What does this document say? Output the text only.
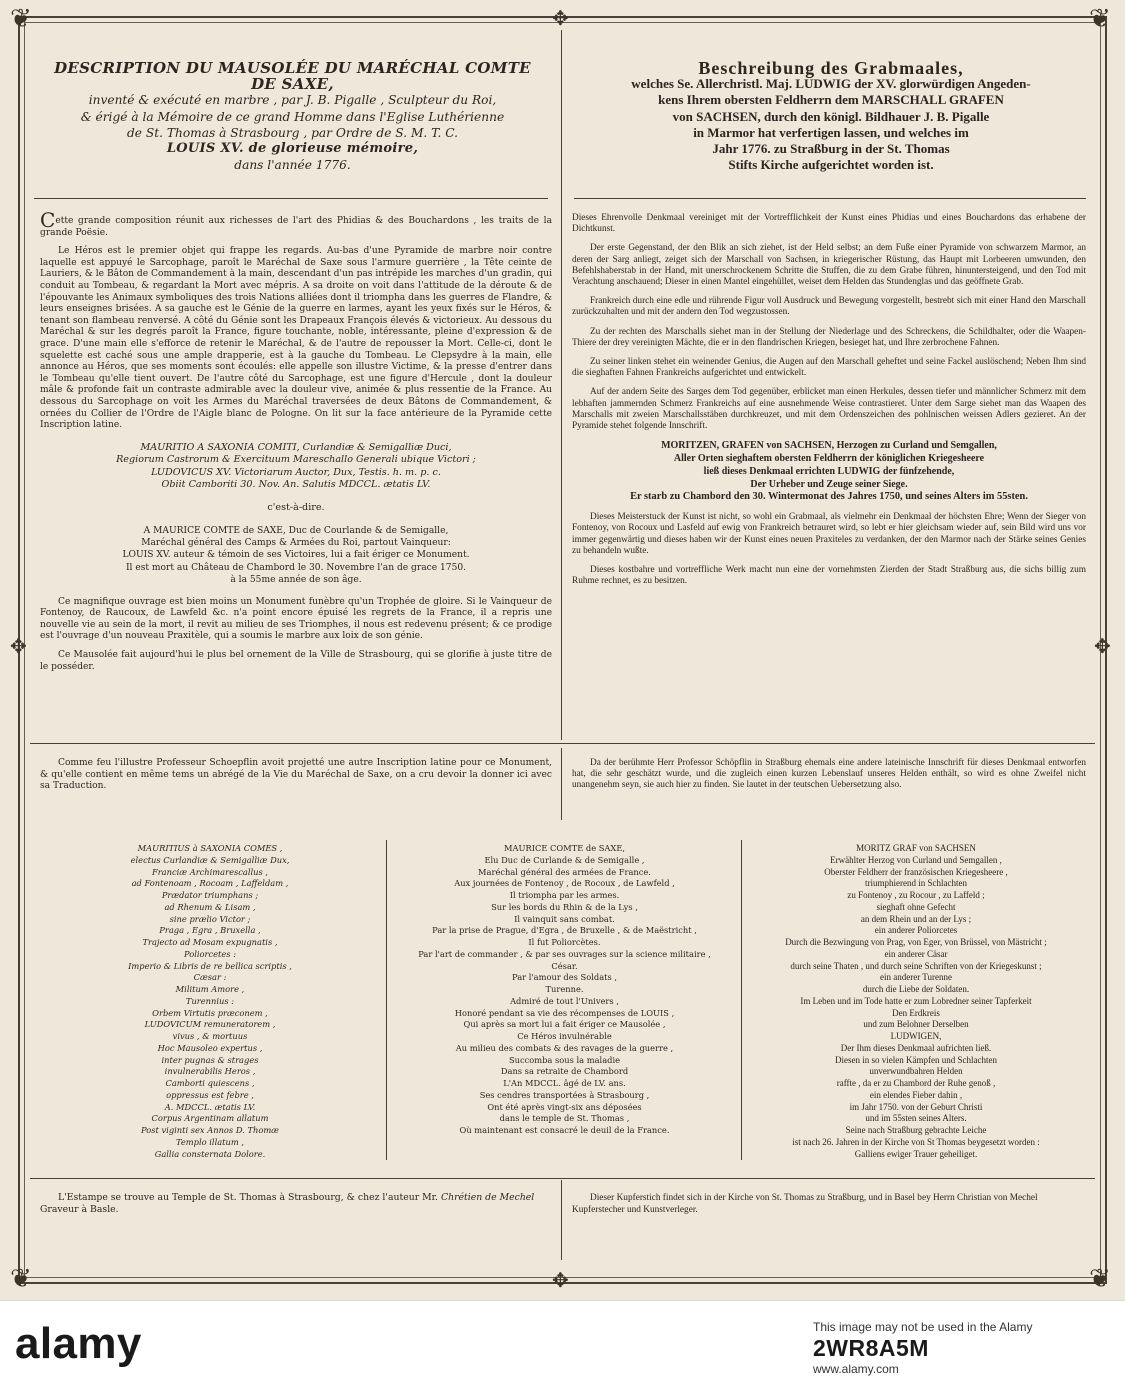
❦	❦
❦	❦
✥
✥
✥	✥
DESCRIPTION DU MAUSOLÉE DU MARÉCHAL COMTE DE SAXE,
inventé & exécuté en marbre , par J. B. Pigalle , Sculpteur du Roi,
& érigé à la Mémoire de ce grand Homme dans l'Eglise Luthérienne
de St. Thomas à Strasbourg , par Ordre de S. M. T. C.
LOUIS XV. de glorieuse mémoire,
dans l'année 1776.
Beschreibung des Grabmaales,
welches Se. Allerchristl. Maj. LUDWIG der XV. glorwürdigen Angeden-
kens Ihrem obersten Feldherrn dem MARSCHALL GRAFEN
von SACHSEN, durch den königl. Bildhauer J. B. Pigalle
in Marmor hat verfertigen lassen, und welches im
Jahr 1776. zu Straßburg in der St. Thomas
Stifts Kirche aufgerichtet worden ist.

Cette grande composition réunit aux richesses de l'art des Phidias & des Bouchardons , les traits de la grande Poësie.

Le Héros est le premier objet qui frappe les regards. Au-bas d'une Pyramide de marbre noir contre laquelle est appuyé le Sarcophage, paroît le Maréchal de Saxe sous l'armure guerrière , la Tête ceinte de Lauriers, & le Bâton de Commandement à la main, descendant d'un pas intrépide les marches d'un gradin, qui conduit au Tombeau, & regardant la Mort avec mépris. A sa droite on voit dans l'attitude de la déroute & de l'épouvante les Animaux symboliques des trois Nations alliées dont il triompha dans les guerres de Flandre, & leurs enseignes brisées. A sa gauche est le Génie de la guerre en larmes, ayant les yeux fixés sur le Héros, & tenant son flambeau renversé. A côté du Génie sont les Drapeaux François élevés & victorieux. Au dessous du Maréchal & sur les degrés paroît la France, figure touchante, noble, intéressante, pleine d'expression & de grace. D'une main elle s'efforce de retenir le Maréchal, & de l'autre de repousser la Mort. Celle-ci, dont le squelette est caché sous une ample drapperie, est à la gauche du Tombeau. Le Clepsydre à la main, elle annonce au Héros, que ses moments sont écoulés: elle appelle son illustre Victime, & la presse d'entrer dans le Tombeau qu'elle tient ouvert. De l'autre côté du Sarcophage, est une figure d'Hercule , dont la douleur mâle & profonde fait un contraste admirable avec la douleur vive, animée & plus ressentie de la France. Au dessous du Sarcophage on voit les Armes du Maréchal traversées de deux Bâtons de Commandement, & ornées du Collier de l'Ordre de l'Aigle blanc de Pologne. On lit sur la face antérieure de la Pyramide cette Inscription latine.

MAURITIO A SAXONIA COMITI, Curlandiæ & Semigalliæ Duci,
Regiorum Castrorum & Exercituum Mareschallo Generali ubique Victori ;
LUDOVICUS XV. Victoriarum Auctor, Dux, Testis. h. m. p. c.
Obiit Camboriti 30. Nov. An. Salutis MDCCL. ætatis LV.
c'est-à-dire.
A MAURICE COMTE de SAXE, Duc de Courlande & de Semigalle,
Maréchal général des Camps & Armées du Roi, partout Vainqueur:
LOUIS XV. auteur & témoin de ses Victoires, lui a fait ériger ce Monument.
Il est mort au Château de Chambord le 30. Novembre l'an de grace 1750.
à la 55me année de son âge.

Ce magnifique ouvrage est bien moins un Monument funèbre qu'un Trophée de gloire. Si le Vainqueur de Fontenoy, de Raucoux, de Lawfeld &c. n'a point encore épuisé les regrets de la France, il a repris une nouvelle vie au sein de la mort, il revit au milieu de ses Triomphes, il nous est redevenu présent; & ce prodige est l'ouvrage d'un nouveau Praxitèle, qui a soumis le marbre aux loix de son génie.

Ce Mausolée fait aujourd'hui le plus bel ornement de la Ville de Strasbourg, qui se glorifie à juste titre de le posséder.

Dieses Ehrenvolle Denkmaal vereiniget mit der Vortrefflichkeit der Kunst eines Phidias und eines Bouchardons das erhabene der Dichtkunst.

Der erste Gegenstand, der den Blik an sich ziehet, ist der Held selbst; an dem Fuße einer Pyramide von schwarzem Marmor, an deren der Sarg anliegt, zeiget sich der Marschall von Sachsen, in kriegerischer Rüstung, das Haupt mit Lorbeeren umwunden, den Befehlshaberstab in der Hand, mit unerschrockenem Schritte die Stuffen, die zu dem Grabe führen, hinuntersteigend, und den Tod mit Verachtung anschauend; Dieser in einen Mantel eingehüllet, weiset dem Helden das Stundenglas und das geöffnete Grab.

Frankreich durch eine edle und rührende Figur voll Ausdruck und Bewegung vorgestellt, bestrebt sich mit einer Hand den Marschall zurückzuhalten und mit der andern den Tod wegzustossen.

Zu der rechten des Marschalls siehet man in der Stellung der Niederlage und des Schreckens, die Schildhalter, oder die Waapen-Thiere der drey vereinigten Mächte, die er in den flandrischen Kriegen, besieget hat, und Ihre zerbrochene Fahnen.

Zu seiner linken stehet ein weinender Genius, die Augen auf den Marschall geheftet und seine Fackel auslöschend; Neben Ihm sind die sieghaften Fahnen Frankreichs aufgerichtet und entwickelt.

Auf der andern Seite des Sarges dem Tod gegenüber, erblicket man einen Herkules, dessen tiefer und männlicher Schmerz mit dem lebhaften jammernden Schmerz Frankreichs auf eine ausnehmende Weise contrastieret. Unter dem Sarge siehet man das Waapen des Marschalls mit zweien Marschallsstäben durchkreuzet, und mit dem Ordenszeichen des pohlnischen weissen Adlers gezieret. An der Pyramide stehet folgende Innschrift.

MORITZEN, GRAFEN von SACHSEN, Herzogen zu Curland und Semgallen,
Aller Orten sieghaftem obersten Feldherrn der königlichen Kriegesheere
ließ dieses Denkmaal errichten LUDWIG der fünfzehende,
Der Urheber und Zeuge seiner Siege.
Er starb zu Chambord den 30. Wintermonat des Jahres 1750, und seines Alters im 55sten.

Dieses Meisterstuck der Kunst ist nicht, so wohl ein Grabmaal, als vielmehr ein Denkmaal der höchsten Ehre; Wenn der Sieger von Fontenoy, von Rocoux und Lasfeld auf ewig von Frankreich betrauret wird, so lebt er hier gleichsam wieder auf, sein Bild wird uns vor immer gegenwärtig und dieses haben wir der Kunst eines neuen Praxiteles zu verdanken, der den Marmor nach der Stärke seines Genies zu behandeln wußte.

Dieses kostbahre und vortreffliche Werk macht nun eine der vornehmsten Zierden der Stadt Straßburg aus, die sichs billig zum Ruhme rechnet, es zu besitzen.

Comme feu l'illustre Professeur Schoepflin avoit projetté une autre Inscription latine pour ce Monument, & qu'elle contient en même tems un abrégé de la Vie du Maréchal de Saxe, on a cru devoir la donner ici avec sa Traduction.

Da der berühmte Herr Professor Schöpflin in Straßburg ehemals eine andere lateinische Innschrift für dieses Denkmaal entworfen hat, die sehr geschätzt wurde, und die zugleich einen kurzen Lebenslauf unseres Helden enthält, so wird es ohne Zweifel nicht unangenehm seyn, sie auch hier zu finden. Sie lautet in der teutschen Uebersetzung also.

MAURITIUS à SAXONIA COMES ,
electus Curlandiæ & Semigalliæ Dux,
Franciæ Archimarescallus ,
ad Fontenoam , Rocoam , Laffeldam ,
Prædator triumphans ;
ad Rhenum & Lisam ,
sine prælio Victor ;
Praga , Egra , Bruxella ,
Trajecto ad Mosam expugnatis ,
Poliorcetes :
Imperio & Libris de re bellica scriptis ,
Cæsar :
Militum Amore ,
Turennius :
Orbem Virtutis præconem ,
LUDOVICUM remuneratorem ,
vivus , & mortuus
Hoc Mausoleo expertus ,
inter pugnas & strages
invulnerabilis Heros ,
Camborti quiescens ,
oppressus est febre ,
A. MDCCL. ætatis LV.
Corpus Argentinam allatum
Post viginti sex Annos D. Thomæ
Templo illatum ,
Gallia consternata Dolore.
MAURICE COMTE de SAXE,
Elu Duc de Curlande & de Semigalle ,
Maréchal général des armées de France.
Aux journées de Fontenoy , de Rocoux , de Lawfeld ,
Il triompha par les armes.
Sur les bords du Rhin & de la Lys ,
Il vainquit sans combat.
Par la prise de Prague, d'Egra , de Bruxelle , & de Maëstricht ,
Il fut Poliorcètes.
Par l'art de commander , & par ses ouvrages sur la science militaire ,
César.
Par l'amour des Soldats ,
Turenne.
Admiré de tout l'Univers ,
Honoré pendant sa vie des récompenses de LOUIS ,
Qui après sa mort lui a fait ériger ce Mausolée ,
Ce Héros invulnérable
Au milieu des combats & des ravages de la guerre ,
Succomba sous la maladie
Dans sa retraite de Chambord
L'An MDCCL. âgé de LV. ans.
Ses cendres transportées à Strasbourg ,
Ont été après vingt-six ans déposées
dans le temple de St. Thomas ,
Où maintenant est consacré le deuil de la France.
MORITZ GRAF von SACHSEN
Erwählter Herzog von Curland und Semgallen ,
Oberster Feldherr der französischen Kriegesheere ,
triumphierend in Schlachten
zu Fontenoy , zu Rocour , zu Laffeld ;
sieghaft ohne Gefecht
an dem Rhein und an der Lys ;
ein anderer Poliorcetes
Durch die Bezwingung von Prag, von Eger, von Brüssel, von Mästricht ;
ein anderer Cäsar
durch seine Thaten , und durch seine Schriften von der Kriegeskunst ;
ein anderer Turenne
durch die Liebe der Soldaten.
Im Leben und im Tode hatte er zum Lobredner seiner Tapferkeit
Den Erdkreis
und zum Belohner Derselben
LUDWIGEN,
Der Ihm dieses Denkmaal aufrichten ließ.
Diesen in so vielen Kämpfen und Schlachten
unverwundbahren Helden
raffte , da er zu Chambord der Ruhe genoß ,
ein elendes Fieber dahin ,
im Jahr 1750. von der Geburt Christi
und im 55sten seines Alters.
Seine nach Straßburg gebrachte Leiche
ist nach 26. Jahren in der Kirche von St Thomas beygesetzt worden :
Galliens ewiger Trauer geheiliget.
L'Estampe se trouve au Temple de St. Thomas à Strasbourg, & chez l'auteur Mr. Chrétien de Mechel Graveur à Basle.
Dieser Kupferstich findet sich in der Kirche von St. Thomas zu Straßburg, und in Basel bey Herrn Christian von Mechel Kupferstecher und Kunstverleger.
alamy	This image may not be used in the Alamy
2WR8A5M
www.alamy.com
